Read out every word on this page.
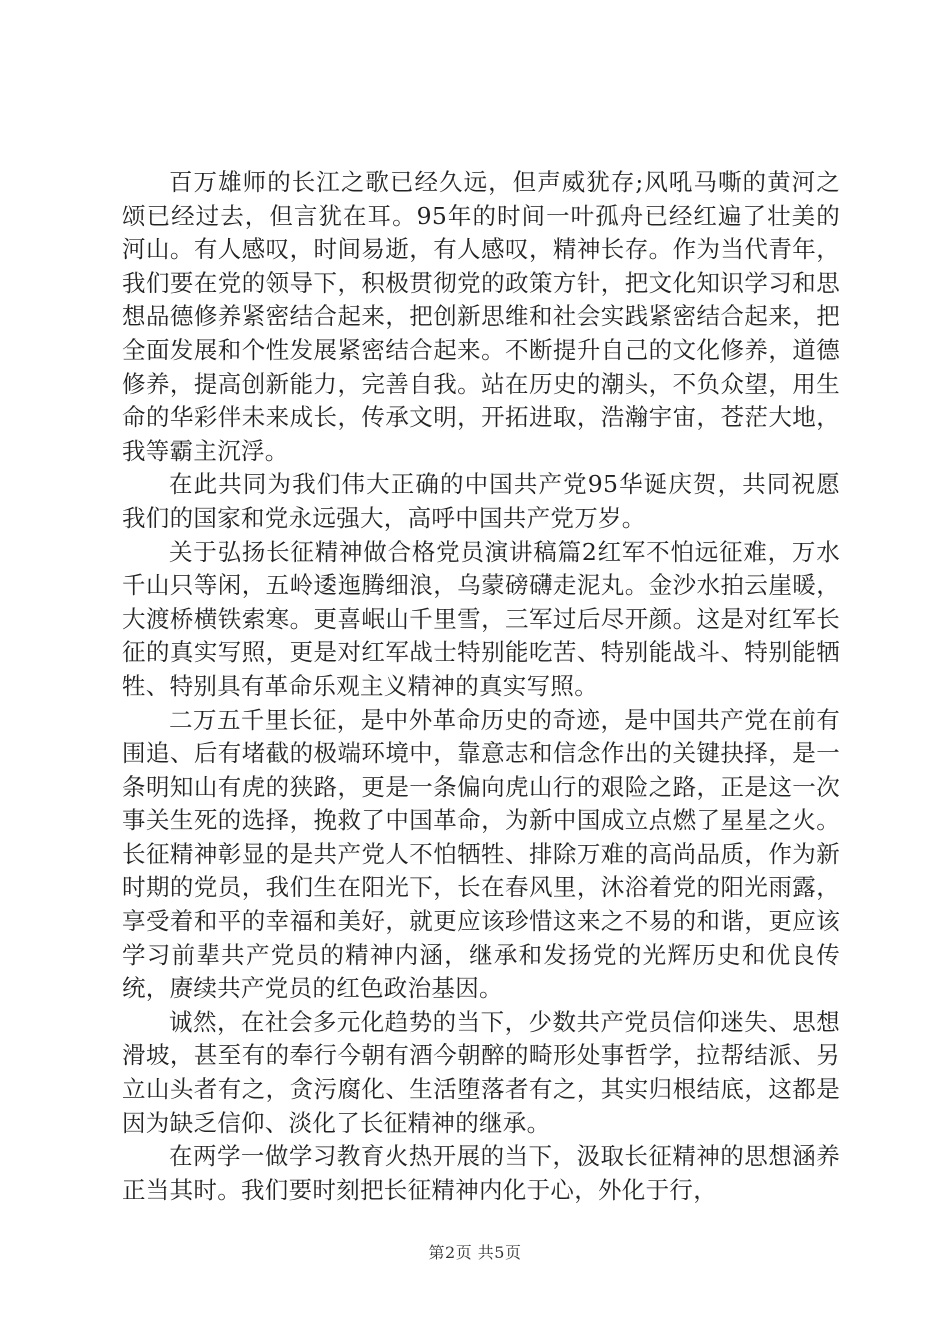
百万雄师的长江之歌已经久远，但声威犹存;风吼马嘶的黄河之颂已经过去，但言犹在耳。95年的时间一叶孤舟已经红遍了壮美的河山。有人感叹，时间易逝，有人感叹，精神长存。作为当代青年，我们要在党的领导下，积极贯彻党的政策方针，把文化知识学习和思想品德修养紧密结合起来，把创新思维和社会实践紧密结合起来，把全面发展和个性发展紧密结合起来。不断提升自己的文化修养，道德修养，提高创新能力，完善自我。站在历史的潮头，不负众望，用生命的华彩伴未来成长，传承文明，开拓进取，浩瀚宇宙，苍茫大地，我等霸主沉浮。

在此共同为我们伟大正确的中国共产党95华诞庆贺，共同祝愿我们的国家和党永远强大，高呼中国共产党万岁。

关于弘扬长征精神做合格党员演讲稿篇2红军不怕远征难，万水千山只等闲，五岭逶迤腾细浪，乌蒙磅礴走泥丸。金沙水拍云崖暖，大渡桥横铁索寒。更喜岷山千里雪，三军过后尽开颜。这是对红军长征的真实写照，更是对红军战士特别能吃苦、特别能战斗、特别能牺牲、特别具有革命乐观主义精神的真实写照。

二万五千里长征，是中外革命历史的奇迹，是中国共产党在前有围追、后有堵截的极端环境中，靠意志和信念作出的关键抉择，是一条明知山有虎的狭路，更是一条偏向虎山行的艰险之路，正是这一次事关生死的选择，挽救了中国革命，为新中国成立点燃了星星之火。长征精神彰显的是共产党人不怕牺牲、排除万难的高尚品质，作为新时期的党员，我们生在阳光下，长在春风里，沐浴着党的阳光雨露，享受着和平的幸福和美好，就更应该珍惜这来之不易的和谐，更应该学习前辈共产党员的精神内涵，继承和发扬党的光辉历史和优良传统，赓续共产党员的红色政治基因。

诚然，在社会多元化趋势的当下，少数共产党员信仰迷失、思想滑坡，甚至有的奉行今朝有酒今朝醉的畸形处事哲学，拉帮结派、另立山头者有之，贪污腐化、生活堕落者有之，其实归根结底，这都是因为缺乏信仰、淡化了长征精神的继承。

在两学一做学习教育火热开展的当下，汲取长征精神的思想涵养正当其时。我们要时刻把长征精神内化于心，外化于行，

第2页 共5页
